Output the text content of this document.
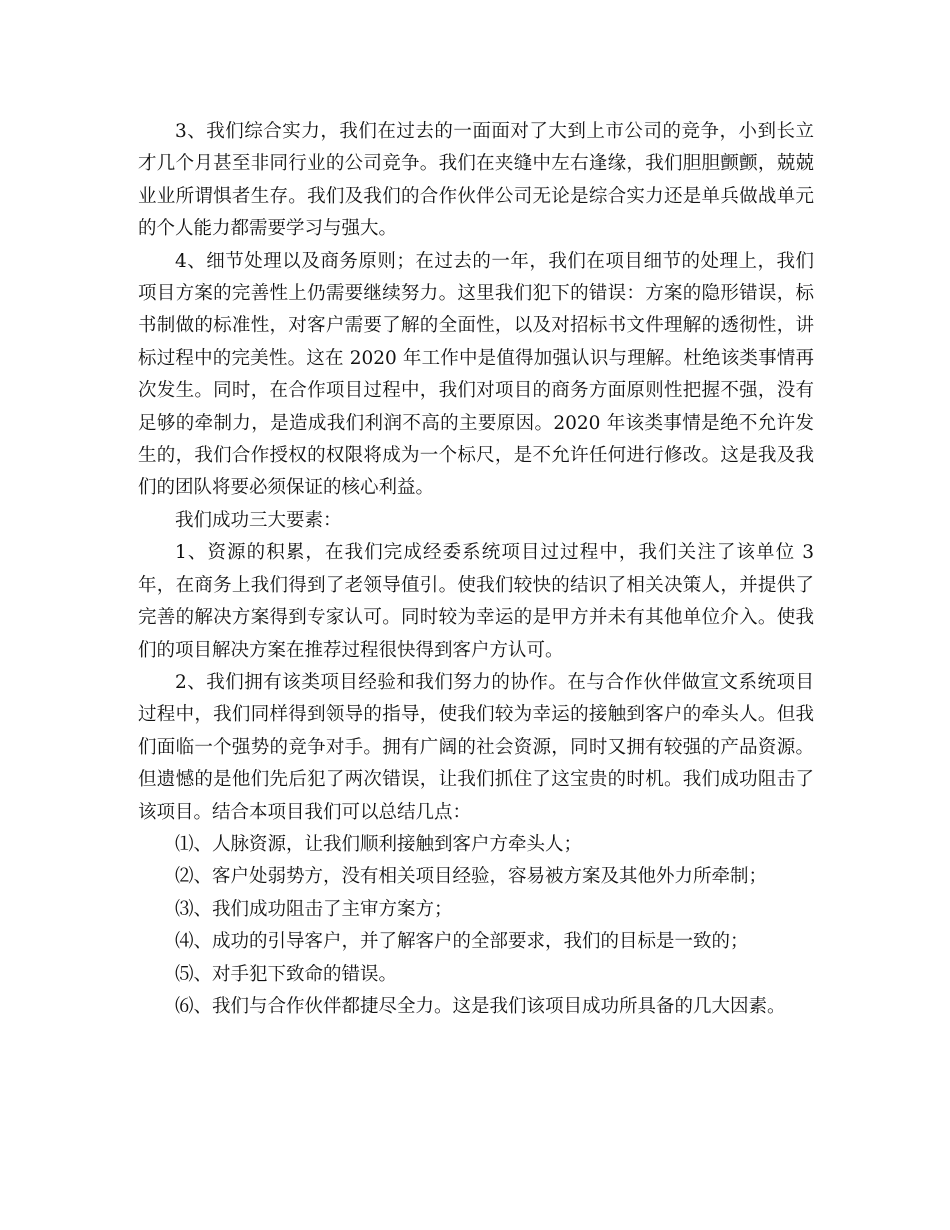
3、我们综合实力，我们在过去的一面面对了大到上市公司的竞争，小到长立才几个月甚至非同行业的公司竞争。我们在夹缝中左右逢缘，我们胆胆颤颤，兢兢业业所谓惧者生存。我们及我们的合作伙伴公司无论是综合实力还是单兵做战单元的个人能力都需要学习与强大。

4、细节处理以及商务原则；在过去的一年，我们在项目细节的处理上，我们项目方案的完善性上仍需要继续努力。这里我们犯下的错误：方案的隐形错误，标书制做的标准性，对客户需要了解的全面性，以及对招标书文件理解的透彻性，讲标过程中的完美性。这在 2020 年工作中是值得加强认识与理解。杜绝该类事情再次发生。同时，在合作项目过程中，我们对项目的商务方面原则性把握不强，没有足够的牵制力，是造成我们利润不高的主要原因。2020 年该类事情是绝不允许发生的，我们合作授权的权限将成为一个标尺，是不允许任何进行修改。这是我及我们的团队将要必须保证的核心利益。

我们成功三大要素：

1、资源的积累，在我们完成经委系统项目过过程中，我们关注了该单位 3 年，在商务上我们得到了老领导值引。使我们较快的结识了相关决策人，并提供了完善的解决方案得到专家认可。同时较为幸运的是甲方并未有其他单位介入。使我们的项目解决方案在推荐过程很快得到客户方认可。

2、我们拥有该类项目经验和我们努力的协作。在与合作伙伴做宣文系统项目过程中，我们同样得到领导的指导，使我们较为幸运的接触到客户的牵头人。但我们面临一个强势的竞争对手。拥有广阔的社会资源，同时又拥有较强的产品资源。但遗憾的是他们先后犯了两次错误，让我们抓住了这宝贵的时机。我们成功阻击了该项目。结合本项目我们可以总结几点：

⑴、人脉资源，让我们顺利接触到客户方牵头人；

⑵、客户处弱势方，没有相关项目经验，容易被方案及其他外力所牵制；

⑶、我们成功阻击了主审方案方；

⑷、成功的引导客户，并了解客户的全部要求，我们的目标是一致的；

⑸、对手犯下致命的错误。

⑹、我们与合作伙伴都捷尽全力。这是我们该项目成功所具备的几大因素。
